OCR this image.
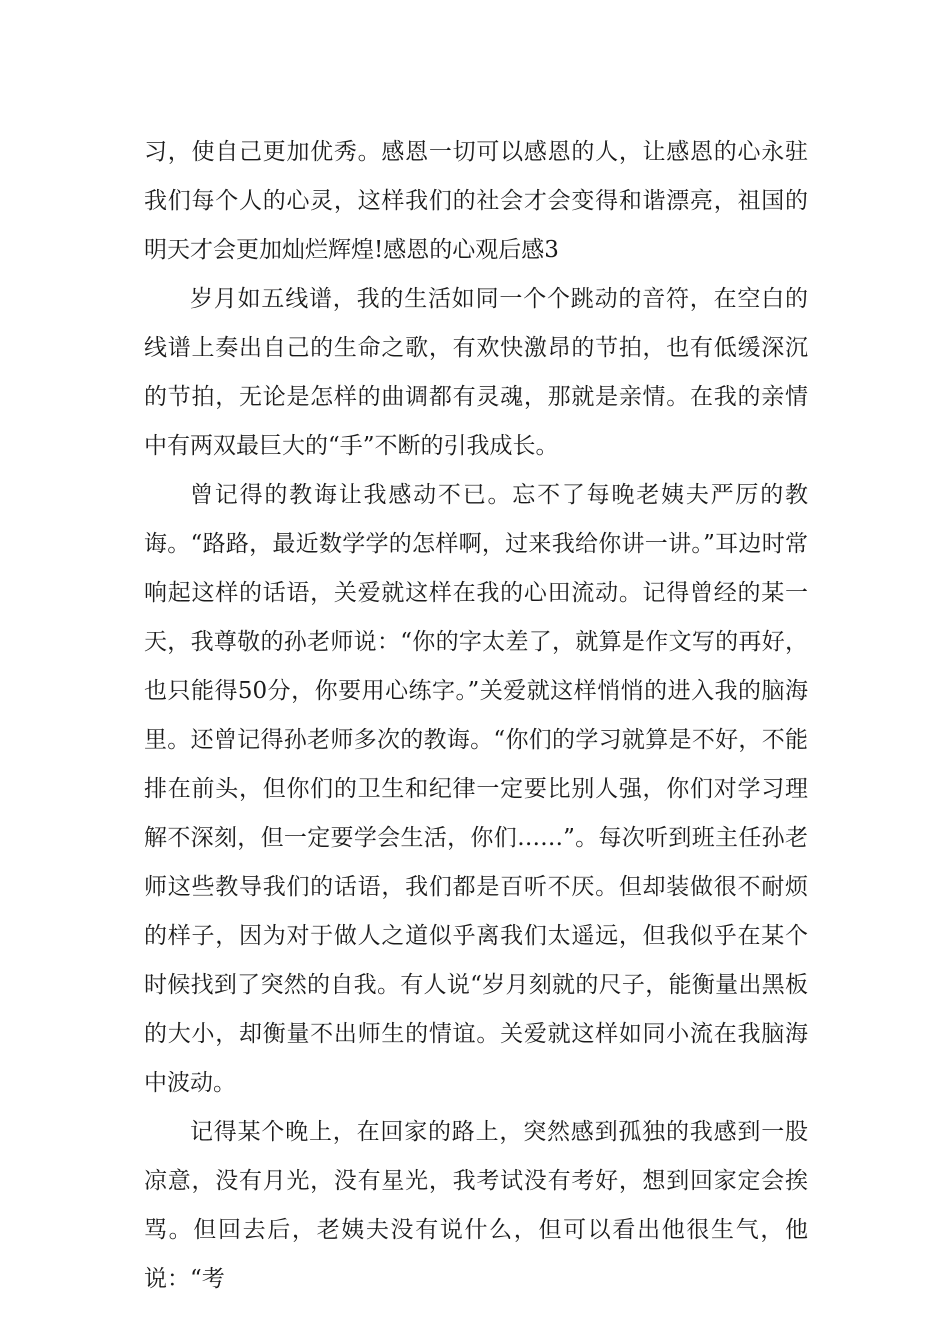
习，使自己更加优秀。感恩一切可以感恩的人，让感恩的心永驻我们每个人的心灵，这样我们的社会才会变得和谐漂亮，祖国的明天才会更加灿烂辉煌!感恩的心观后感3

岁月如五线谱，我的生活如同一个个跳动的音符，在空白的线谱上奏出自己的生命之歌，有欢快激昂的节拍，也有低缓深沉的节拍，无论是怎样的曲调都有灵魂，那就是亲情。在我的亲情中有两双最巨大的“手”不断的引我成长。

曾记得的教诲让我感动不已。忘不了每晚老姨夫严厉的教诲。“路路，最近数学学的怎样啊，过来我给你讲一讲。”耳边时常响起这样的话语，关爱就这样在我的心田流动。记得曾经的某一天，我尊敬的孙老师说：“你的字太差了，就算是作文写的再好，也只能得50分，你要用心练字。”关爱就这样悄悄的进入我的脑海里。还曾记得孙老师多次的教诲。“你们的学习就算是不好，不能排在前头，但你们的卫生和纪律一定要比别人强，你们对学习理解不深刻，但一定要学会生活，你们……”。每次听到班主任孙老师这些教导我们的话语，我们都是百听不厌。但却装做很不耐烦的样子，因为对于做人之道似乎离我们太遥远，但我似乎在某个时候找到了突然的自我。有人说“岁月刻就的尺子，能衡量出黑板的大小，却衡量不出师生的情谊。关爱就这样如同小流在我脑海中波动。

记得某个晚上，在回家的路上，突然感到孤独的我感到一股凉意，没有月光，没有星光，我考试没有考好，想到回家定会挨骂。但回去后，老姨夫没有说什么，但可以看出他很生气，他说：“考
